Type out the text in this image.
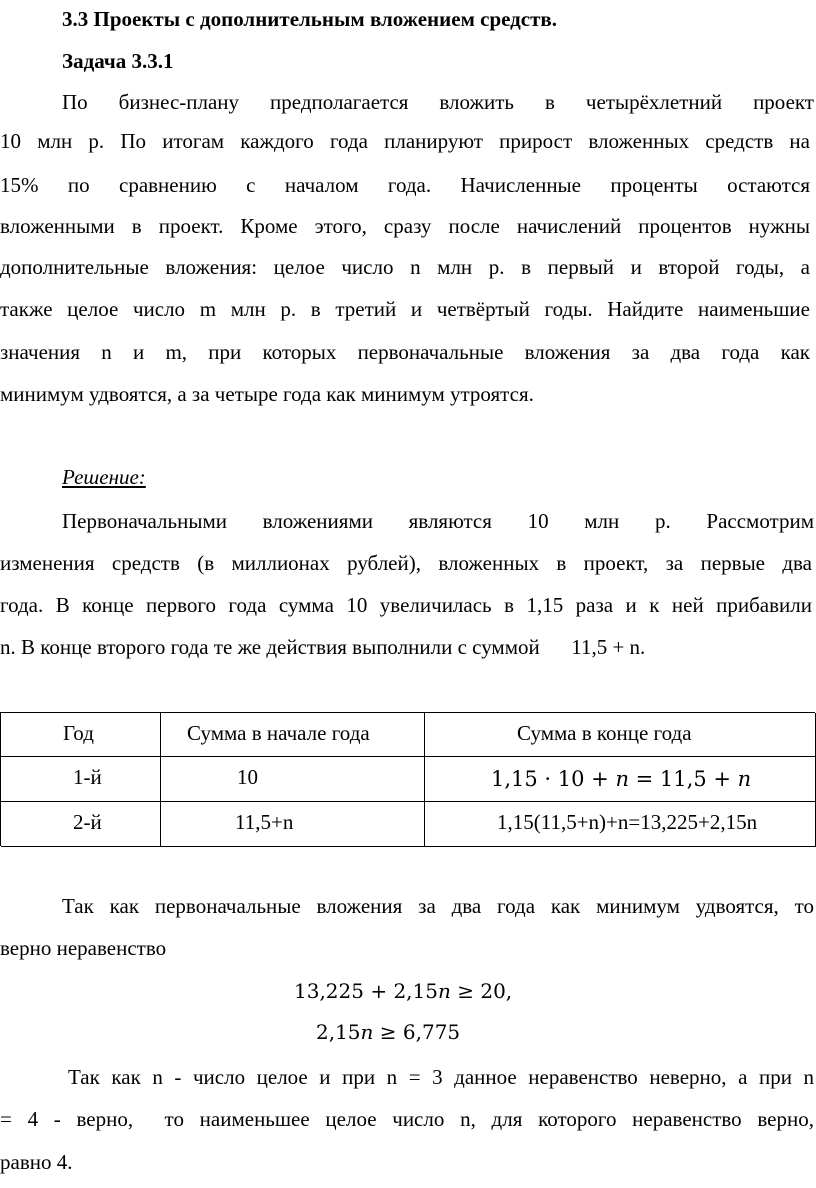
3.3 Проекты с дополнительным вложением средств.
Задача 3.3.1
По бизнес-плану предполагается вложить в четырёхлетний проект
10 млн р. По итогам каждого года планируют прирост вложенных средств на
15% по сравнению с началом года. Начисленные проценты остаются
вложенными в проект. Кроме этого, сразу после начислений процентов нужны
дополнительные вложения: целое число n млн р. в первый и второй годы, а
также целое число m млн р. в третий и четвёртый годы. Найдите наименьшие
значения n и m, при которых первоначальные вложения за два года как
минимум удвоятся, а за четыре года как минимум утроятся.
Решение:
Первоначальными вложениями являются 10 млн р. Рассмотрим
изменения средств (в миллионах рублей), вложенных в проект, за первые два
года. В конце первого года сумма 10 увеличилась в 1,15 раза и к ней прибавили
n. В конце второго года те же действия выполнили с суммой      11,5 + n.
Год	Сумма в начале года	Сумма в конце года
1-й	10	1,15 · 10 + 𝑛 = 11,5 + 𝑛
2-й	11,5+n	1,15(11,5+n)+n=13,225+2,15n
Так как первоначальные вложения за два года как минимум удвоятся, то
верно неравенство
13,225 + 2,15𝑛 ≥ 20,
2,15𝑛 ≥ 6,775
Так как n - число целое и при n = 3 данное неравенство неверно, а при n
= 4 - верно,  то наименьшее целое число n, для которого неравенство верно,
равно 4.
